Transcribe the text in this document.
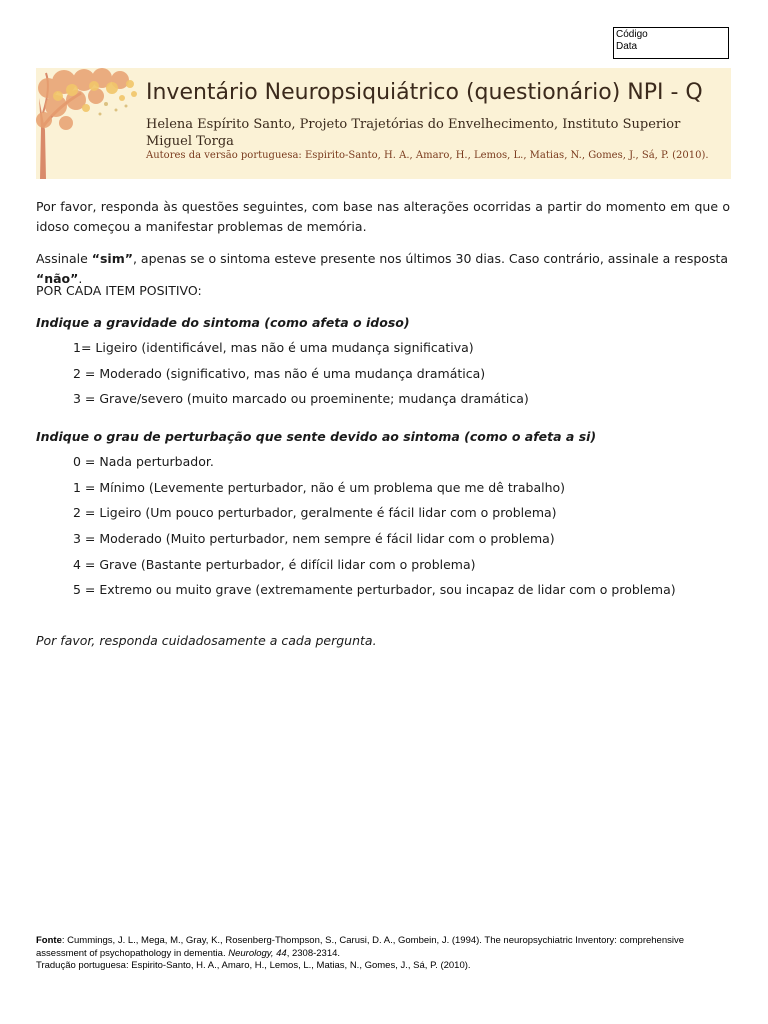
Código
Data
Inventário Neuropsiquiátrico (questionário) NPI - Q
Helena Espírito Santo, Projeto Trajetórias do Envelhecimento, Instituto Superior Miguel Torga
Autores da versão portuguesa: Espirito-Santo, H. A., Amaro, H., Lemos, L., Matias, N., Gomes, J., Sá, P. (2010).

Por favor, responda às questões seguintes, com base nas alterações ocorridas a partir do momento em que o idoso começou a manifestar problemas de memória.

Assinale “sim”, apenas se o sintoma esteve presente nos últimos 30 dias. Caso contrário, assinale a resposta “não”.

POR CADA ITEM POSITIVO:

Indique a gravidade do sintoma (como afeta o idoso)

1= Ligeiro (identificável, mas não é uma mudança significativa)
2 = Moderado (significativo, mas não é uma mudança dramática)
3 = Grave/severo (muito marcado ou proeminente; mudança dramática)

Indique o grau de perturbação que sente devido ao sintoma (como o afeta a si)

0 = Nada perturbador.
1 = Mínimo (Levemente perturbador, não é um problema que me dê trabalho)
2 = Ligeiro (Um pouco perturbador, geralmente é fácil lidar com o problema)
3 = Moderado (Muito perturbador, nem sempre é fácil lidar com o problema)
4 = Grave (Bastante perturbador, é difícil lidar com o problema)
5 = Extremo ou muito grave (extremamente perturbador, sou incapaz de lidar com o problema)

Por favor, responda cuidadosamente a cada pergunta.

Fonte: Cummings, J. L., Mega, M., Gray, K., Rosenberg-Thompson, S., Carusi, D. A., Gombein, J. (1994). The neuropsychiatric Inventory: comprehensive assessment of psychopathology in dementia. Neurology, 44, 2308-2314.
Tradução portuguesa: Espirito-Santo, H. A., Amaro, H., Lemos, L., Matias, N., Gomes, J., Sá, P. (2010).
